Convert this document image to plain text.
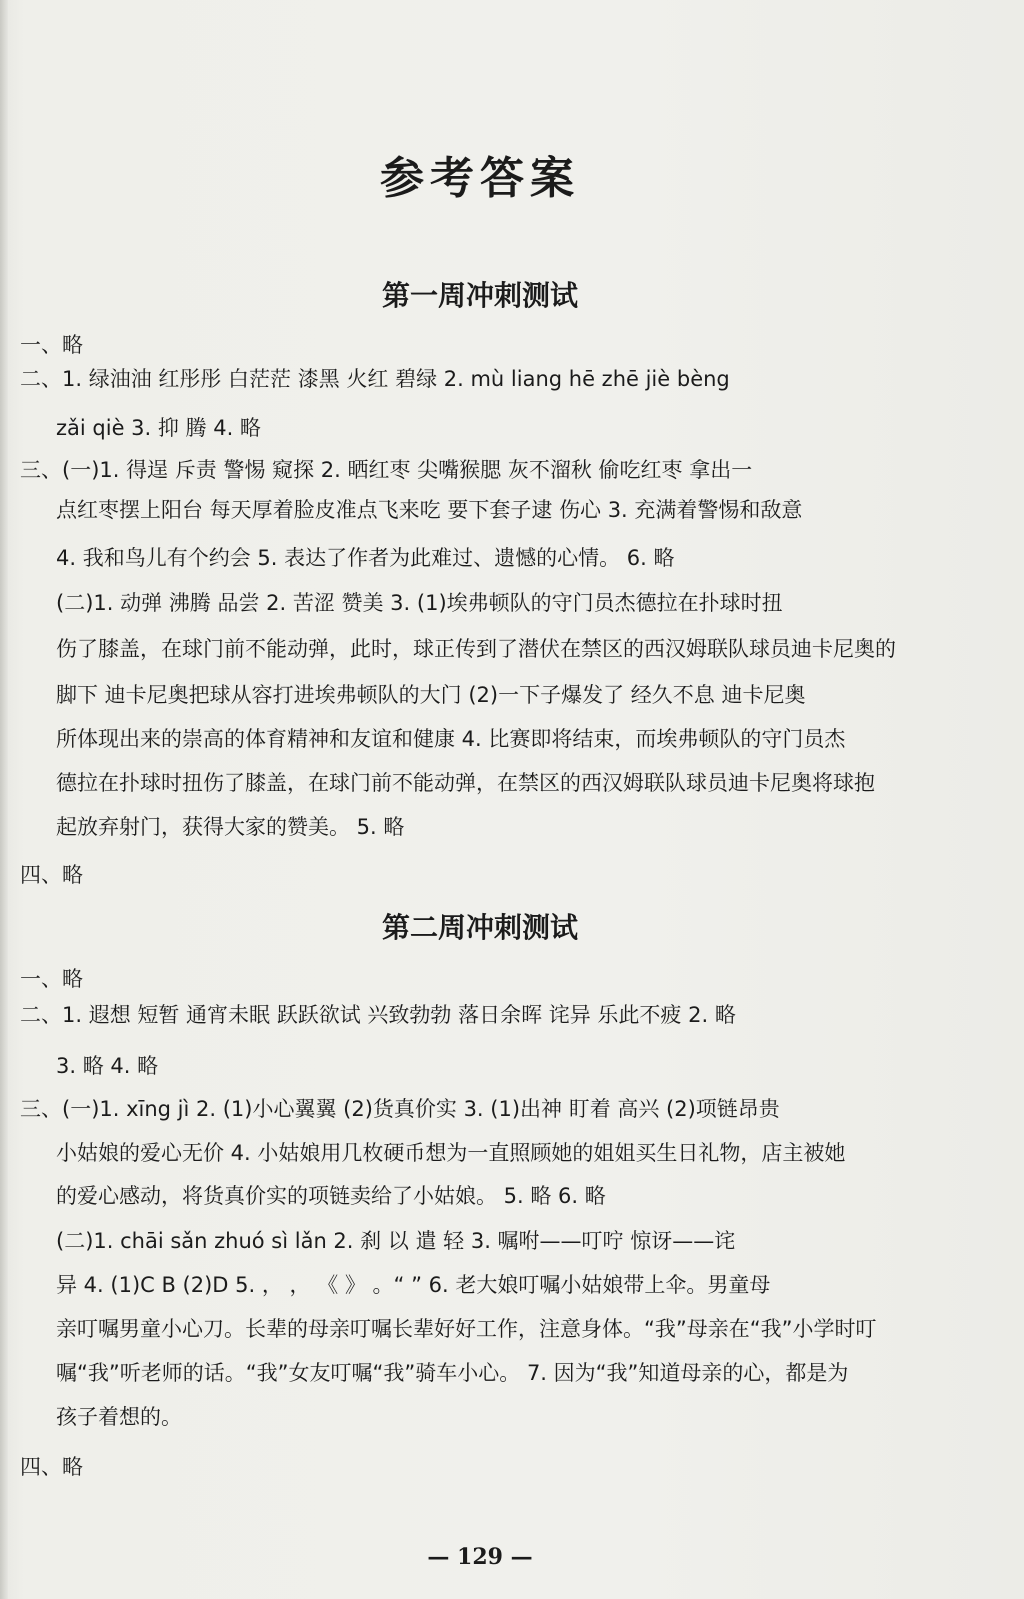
参考答案
第一周冲刺测试
一、略
二、1. 绿油油 红彤彤 白茫茫 漆黑 火红 碧绿 2. mù liang hē zhē jiè bèng
zǎi qiè 3. 抑 腾 4. 略
三、(一)1. 得逞 斥责 警惕 窥探 2. 晒红枣 尖嘴猴腮 灰不溜秋 偷吃红枣 拿出一
点红枣摆上阳台 每天厚着脸皮准点飞来吃 要下套子逮 伤心 3. 充满着警惕和敌意
4. 我和鸟儿有个约会 5. 表达了作者为此难过、遗憾的心情。 6. 略
(二)1. 动弹 沸腾 品尝 2. 苦涩 赞美 3. (1)埃弗顿队的守门员杰德拉在扑球时扭
伤了膝盖，在球门前不能动弹，此时，球正传到了潜伏在禁区的西汉姆联队球员迪卡尼奥的
脚下 迪卡尼奥把球从容打进埃弗顿队的大门 (2)一下子爆发了 经久不息 迪卡尼奥
所体现出来的崇高的体育精神和友谊和健康 4. 比赛即将结束，而埃弗顿队的守门员杰
德拉在扑球时扭伤了膝盖，在球门前不能动弹，在禁区的西汉姆联队球员迪卡尼奥将球抱
起放弃射门，获得大家的赞美。 5. 略
四、略
第二周冲刺测试
一、略
二、1. 遐想 短暂 通宵未眠 跃跃欲试 兴致勃勃 落日余晖 诧异 乐此不疲 2. 略
3. 略 4. 略
三、(一)1. xīng jì 2. (1)小心翼翼 (2)货真价实 3. (1)出神 盯着 高兴 (2)项链昂贵
小姑娘的爱心无价 4. 小姑娘用几枚硬币想为一直照顾她的姐姐买生日礼物，店主被她
的爱心感动，将货真价实的项链卖给了小姑娘。 5. 略 6. 略
(二)1. chāi sǎn zhuó sì lǎn 2. 刹 以 遣 轻 3. 嘱咐——叮咛 惊讶——诧
异 4. (1)C B (2)D 5. ， ， 《 》 。“ ” 6. 老大娘叮嘱小姑娘带上伞。男童母
亲叮嘱男童小心刀。长辈的母亲叮嘱长辈好好工作，注意身体。“我”母亲在“我”小学时叮
嘱“我”听老师的话。“我”女友叮嘱“我”骑车小心。 7. 因为“我”知道母亲的心，都是为
孩子着想的。
四、略
— 129 —
